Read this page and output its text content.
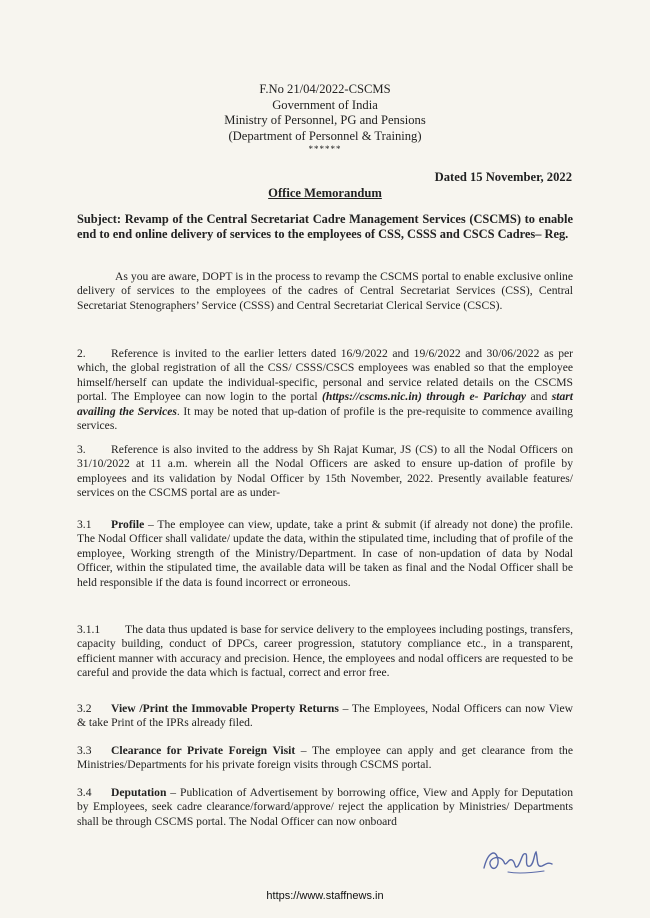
F.No 21/04/2022-CSCMS
Government of India
Ministry of Personnel, PG and Pensions
(Department of Personnel & Training)
******
Dated 15 November, 2022
Office Memorandum
Subject: Revamp of the Central Secretariat Cadre Management Services (CSCMS) to enable end to end online delivery of services to the employees of CSS, CSSS and CSCS Cadres– Reg.
As you are aware, DOPT is in the process to revamp the CSCMS portal to enable exclusive online delivery of services to the employees of the cadres of Central Secretariat Services (CSS), Central Secretariat Stenographers’ Service (CSSS) and Central Secretariat Clerical Service (CSCS).
2. Reference is invited to the earlier letters dated 16/9/2022 and 19/6/2022 and 30/06/2022 as per which, the global registration of all the CSS/ CSSS/CSCS employees was enabled so that the employee himself/herself can update the individual-specific, personal and service related details on the CSCMS portal. The Employee can now login to the portal (https://cscms.nic.in) through e- Parichay and start availing the Services. It may be noted that up-dation of profile is the pre-requisite to commence availing services.
3. Reference is also invited to the address by Sh Rajat Kumar, JS (CS) to all the Nodal Officers on 31/10/2022 at 11 a.m. wherein all the Nodal Officers are asked to ensure up-dation of profile by employees and its validation by Nodal Officer by 15th November, 2022. Presently available features/ services on the CSCMS portal are as under-
3.1 Profile – The employee can view, update, take a print & submit (if already not done) the profile. The Nodal Officer shall validate/ update the data, within the stipulated time, including that of profile of the employee, Working strength of the Ministry/Department. In case of non-updation of data by Nodal Officer, within the stipulated time, the available data will be taken as final and the Nodal Officer shall be held responsible if the data is found incorrect or erroneous.
3.1.1 The data thus updated is base for service delivery to the employees including postings, transfers, capacity building, conduct of DPCs, career progression, statutory compliance etc., in a transparent, efficient manner with accuracy and precision. Hence, the employees and nodal officers are requested to be careful and provide the data which is factual, correct and error free.
3.2 View /Print the Immovable Property Returns – The Employees, Nodal Officers can now View & take Print of the IPRs already filed.
3.3 Clearance for Private Foreign Visit – The employee can apply and get clearance from the Ministries/Departments for his private foreign visits through CSCMS portal.
3.4 Deputation – Publication of Advertisement by borrowing office, View and Apply for Deputation by Employees, seek cadre clearance/forward/approve/ reject the application by Ministries/ Departments shall be through CSCMS portal. The Nodal Officer can now onboard
https://www.staffnews.in
